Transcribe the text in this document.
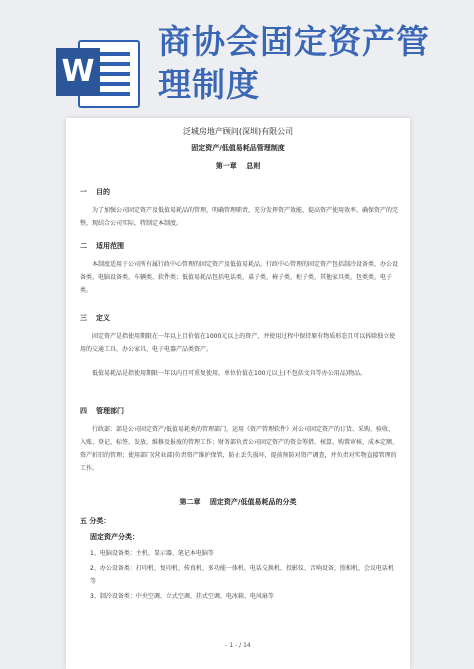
W
商协会固定资产管理制度

泛城房地产顾问(深圳)有限公司

固定资产/低值易耗品管理制度

第一章　 总则

一 目的

为了加强公司固定资产及低值易耗品的管理，明确管理职责，充分发挥资产效能，提高资产使用效率，确保资产的完整，现结合公司实际，特制定本制度。

二 适用范围

本制度适用于公司所有属行政中心管理的固定资产及低值易耗品，行政中心管理的固定资产包括制冷设备类、办公设备类、电脑设备类、车辆类、软件类；低值易耗品包括电话类、桌子类、椅子类、柜子类、其他家具类、包类类、电子类。

三 定义

固定资产是指使用期限在一年以上且价值在1000元以上的资产，并使用过程中保持原有物质形态且可以拆除独立使用的交通工具、办公家具、电子电器产品类资产。

低值易耗品是指使用期限一年以内且可重复使用，单位价值在100元以上(不包括文具等办公用品)物品。

四 管理部门

行政部：部是公司固定资产/低值易耗类的管理部门，运用《资产管理软件》对公司固定资产的订货、采购、验收、入账、登记、标签、发放、维修及报废的管理工作；财务部负责公司固定资产的资金筹措、核算、购置审核、成本定额、资产折旧的管理；使用部门(营业部)负责资产维护保管，防止丢失损坏，提前预防对资产调查，并负责对实物直接管理的工作。

第二章　 固定资产/低值易耗品的分类

五 分类：

固定资产分类：

1、电脑设备类：主机、显示器、笔记本电脑等

2、办公设备类：打印机、复印机、传真机、多功能一体机、电话交换机、投影仪、音响设备、照相机、会议电话机等

3、制冷设备类：中央空调、立式空调、挂式空调、电冰箱、电风扇等

- 1 - / 14
